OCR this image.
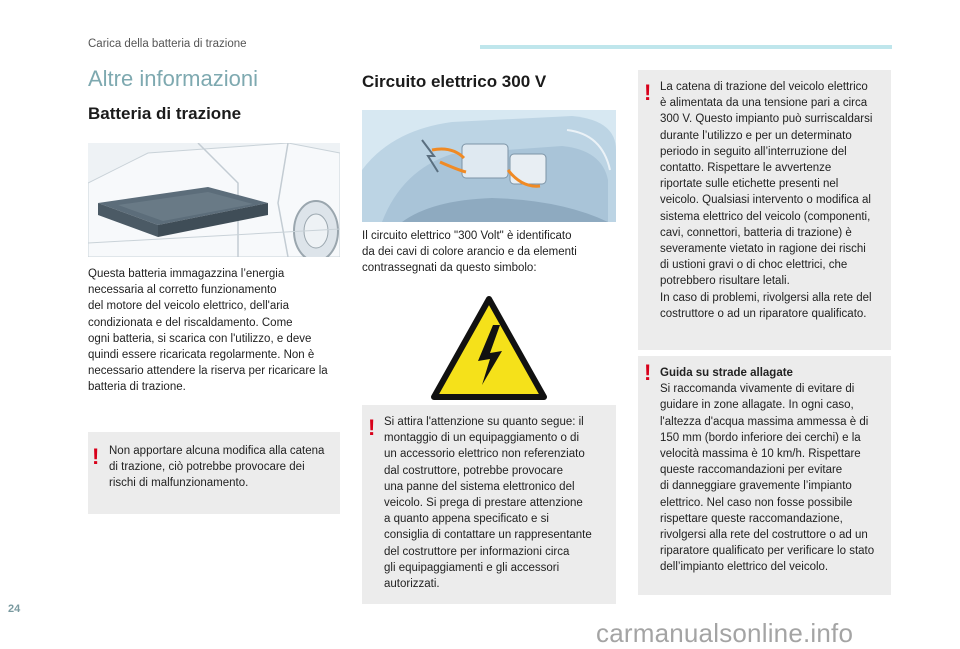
Carica della batteria di trazione
Altre informazioni
Batteria di trazione
Questa batteria immagazzina l’energia
necessaria al corretto funzionamento
del motore del veicolo elettrico, dell'aria
condizionata e del riscaldamento. Come
ogni batteria, si scarica con l'utilizzo, e deve
quindi essere ricaricata regolarmente. Non è
necessario attendere la riserva per ricaricare la
batteria di trazione.
! Non apportare alcuna modifica alla catena
di trazione, ciò potrebbe provocare dei
rischi di malfunzionamento.
Circuito elettrico 300 V
Il circuito elettrico "300 Volt" è identificato
da dei cavi di colore arancio e da elementi
contrassegnati da questo simbolo:
! Si attira l'attenzione su quanto segue: il
montaggio di un equipaggiamento o di
un accessorio elettrico non referenziato
dal costruttore, potrebbe provocare
una panne del sistema elettronico del
veicolo. Si prega di prestare attenzione
a quanto appena specificato e si
consiglia di contattare un rappresentante
del costruttore per informazioni circa
gli equipaggiamenti e gli accessori
autorizzati.
! La catena di trazione del veicolo elettrico
è alimentata da una tensione pari a circa
300 V. Questo impianto può surriscaldarsi
durante l’utilizzo e per un determinato
periodo in seguito all’interruzione del
contatto. Rispettare le avvertenze
riportate sulle etichette presenti nel
veicolo. Qualsiasi intervento o modifica al
sistema elettrico del veicolo (componenti,
cavi, connettori, batteria di trazione) è
severamente vietato in ragione dei rischi
di ustioni gravi o di choc elettrici, che
potrebbero risultare letali.
In caso di problemi, rivolgersi alla rete del
costruttore o ad un riparatore qualificato.
! Guida su strade allagate
Si raccomanda vivamente di evitare di
guidare in zone allagate. In ogni caso,
l'altezza d'acqua massima ammessa è di
150 mm (bordo inferiore dei cerchi) e la
velocità massima è 10 km/h. Rispettare
queste raccomandazioni per evitare
di danneggiare gravemente l’impianto
elettrico. Nel caso non fosse possibile
rispettare queste raccomandazione,
rivolgersi alla rete del costruttore o ad un
riparatore qualificato per verificare lo stato
dell’impianto elettrico del veicolo.
24
carmanualsonline.info
